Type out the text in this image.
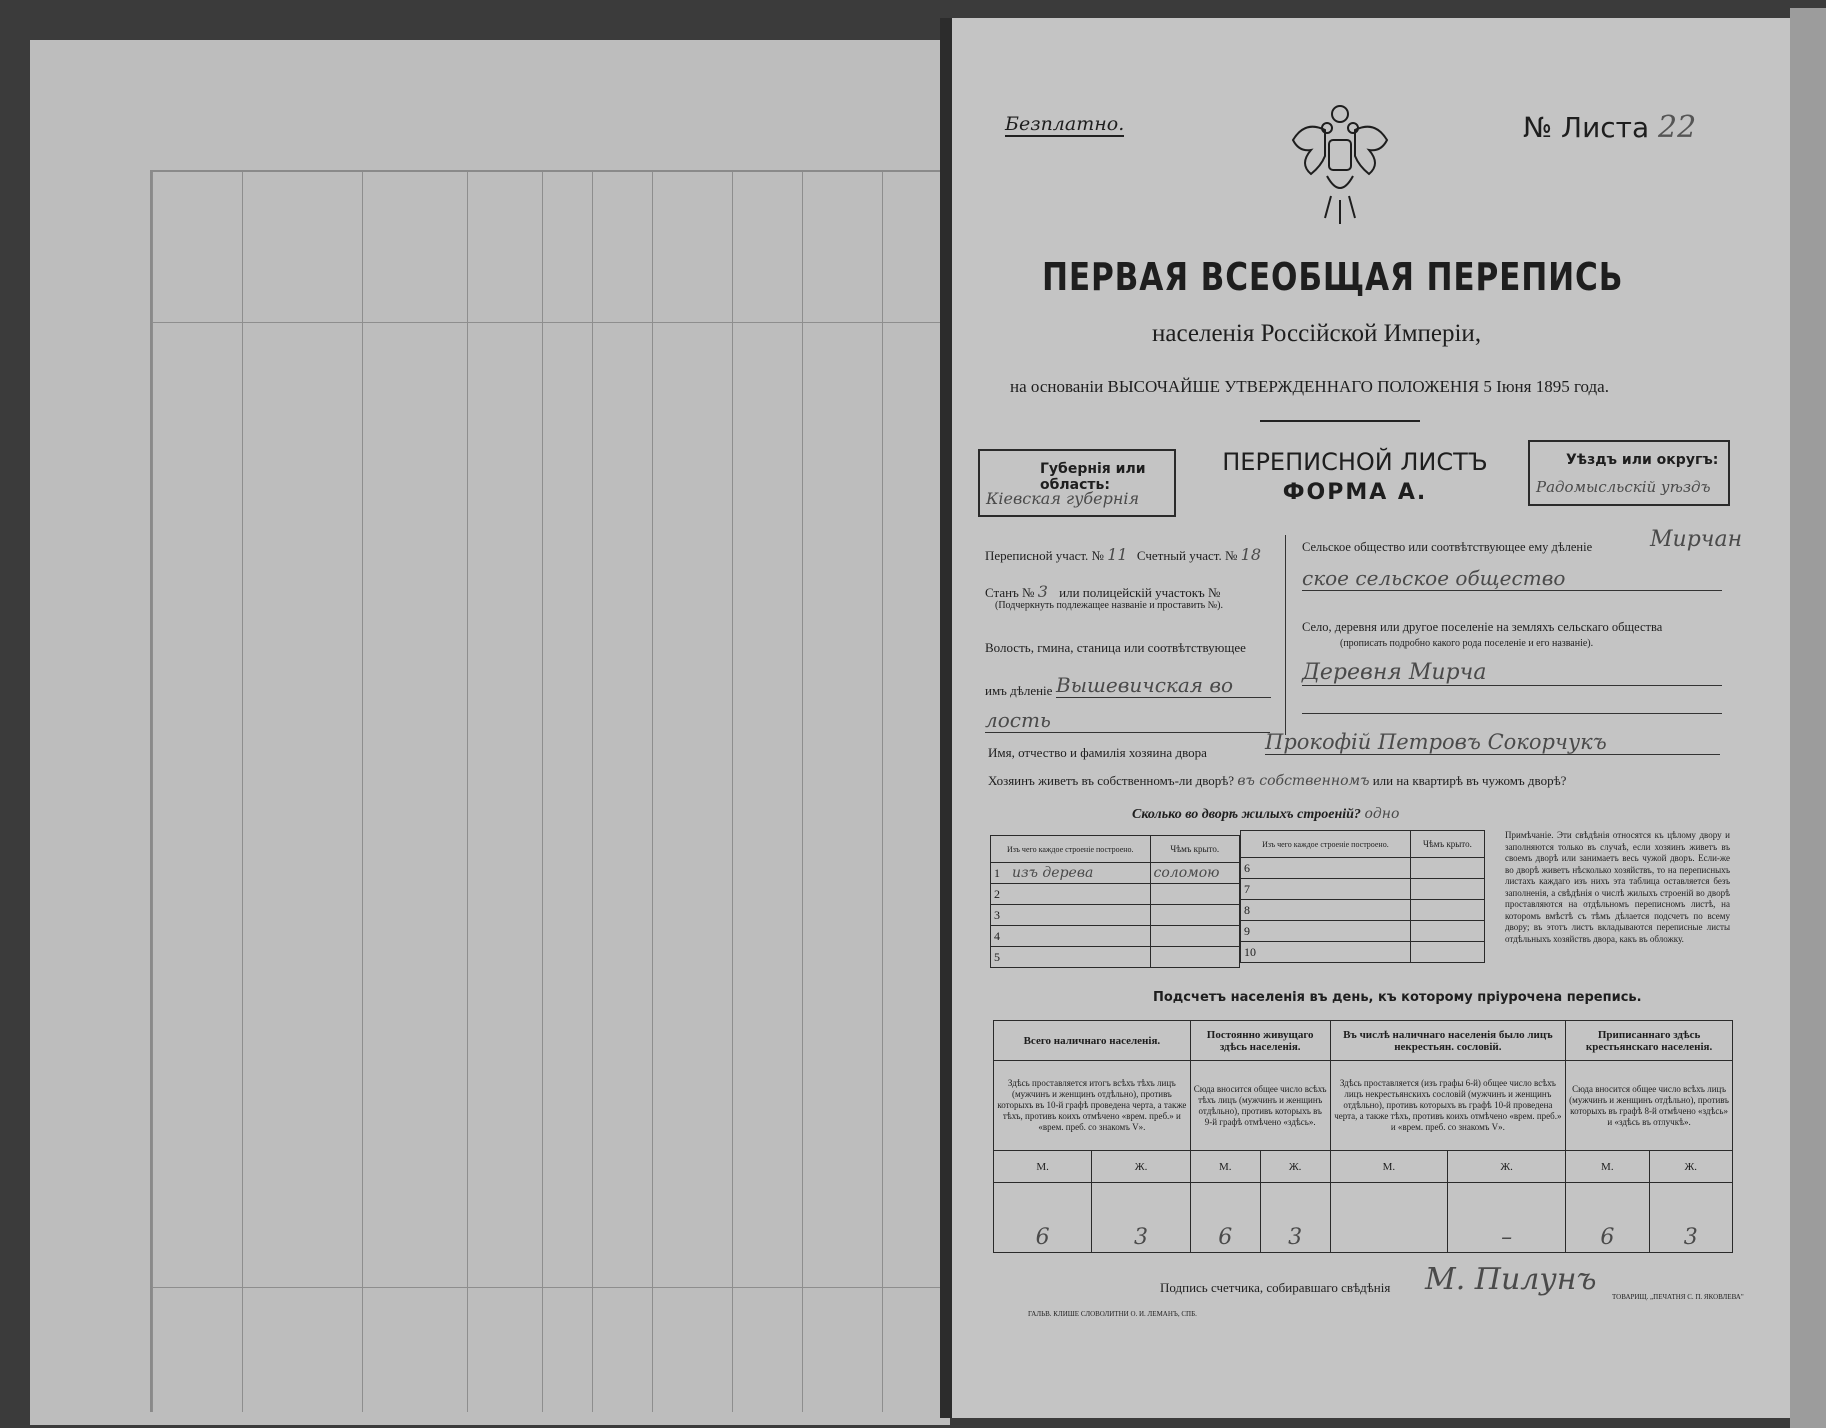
Безплатно.	№ Листа 22
ПЕРВАЯ ВСЕОБЩАЯ ПЕРЕПИСЬ
населенія Россійской Имперіи,
на основаніи ВЫСОЧАЙШЕ УТВЕРЖДЕННАГО ПОЛОЖЕНІЯ 5 Іюня 1895 года.
Губернія или область:
Кіевская губернія
ПЕРЕПИСНОЙ ЛИСТЪ
ФОРМА А.
Уѣздъ или округъ:
Радомысльскій уѣздъ
Переписной участ. № 11 Счетный участ. № 18
Станъ № 3 или полицейскій участокъ №
(Подчеркнуть подлежащее названіе и проставить №).
Волость, гмина, станица или соотвѣтствующее
имъ дѣленіе Вышевичская во
лость
Сельское общество или соотвѣтствующее ему дѣленіе	Мирчан
ское сельское общество
Село, деревня или другое поселеніе на земляхъ сельскаго общества
(прописать подробно какого рода поселеніе и его названіе).
Деревня Мирча
Имя, отчество и фамилія хозяина двора	Прокофій Петровъ Сокорчукъ
Хозяинъ живетъ въ собственномъ-ли дворѣ? въ собственномъ или на квартирѣ въ чужомъ дворѣ?
Сколько во дворѣ жилыхъ строеній? одно
Изъ чего каждое строеніе построено.		Чѣмъ крыто.
1	изъ дерева	соломою
2		
3		
4		
5		
Изъ чего каждое строеніе построено.		Чѣмъ крыто.
6		
7		
8		
9		
10		
Примѣчаніе. Эти свѣдѣнія относятся къ цѣлому двору и заполняются только въ случаѣ, если хозяинъ живетъ въ своемъ дворѣ или занимаетъ весь чужой дворъ. Если-же во дворѣ живетъ нѣсколько хозяйствъ, то на переписныхъ листахъ каждаго изъ нихъ эта таблица оставляется безъ заполненія, а свѣдѣнія о числѣ жилыхъ строеній во дворѣ проставляются на отдѣльномъ переписномъ листѣ, на которомъ вмѣстѣ съ тѣмъ дѣлается подсчетъ по всему двору; въ этотъ листъ вкладываются переписные листы отдѣльныхъ хозяйствъ двора, какъ въ обложку.
Подсчетъ населенія въ день, къ которому пріурочена перепись.
Всего наличнаго населенія.		Постоянно живущаго здѣсь населенія.		Въ числѣ наличнаго населенія было лицъ некрестьян. сословій.		Приписаннаго здѣсь крестьянскаго населенія.	
Здѣсь проставляется итогъ всѣхъ тѣхъ лицъ (мужчинъ и женщинъ отдѣльно), противъ которыхъ въ 10-й графѣ проведена черта, а также тѣхъ, противъ коихъ отмѣчено «врем. преб.» и «врем. преб. со знакомъ V».		Сюда вносится общее число всѣхъ тѣхъ лицъ (мужчинъ и женщинъ отдѣльно), противъ которыхъ въ 9-й графѣ отмѣчено «здѣсь».		Здѣсь проставляется (изъ графы 6-й) общее число всѣхъ лицъ некрестьянскихъ сословій (мужчинъ и женщинъ отдѣльно), противъ которыхъ въ графѣ 10-й проведена черта, а также тѣхъ, противъ коихъ отмѣчено «врем. преб.» и «врем. преб. со знакомъ V».		Сюда вносится общее число всѣхъ лицъ (мужчинъ и женщинъ отдѣльно), противъ которыхъ въ графѣ 8-й отмѣчено «здѣсь» и «здѣсь въ отлучкѣ».	
М.	Ж.	М.	Ж.	М.	Ж.	М.	Ж.
6	3	6	3		–	6	3
Подпись счетчика, собиравшаго свѣдѣнія М. Пилунъ
ГАЛЬВ. КЛИШЕ СЛОВОЛИТНИ О. И. ЛЕМАНЪ, СПБ.
ТОВАРИЩ. „ПЕЧАТНЯ С. П. ЯКОВЛЕВА"
